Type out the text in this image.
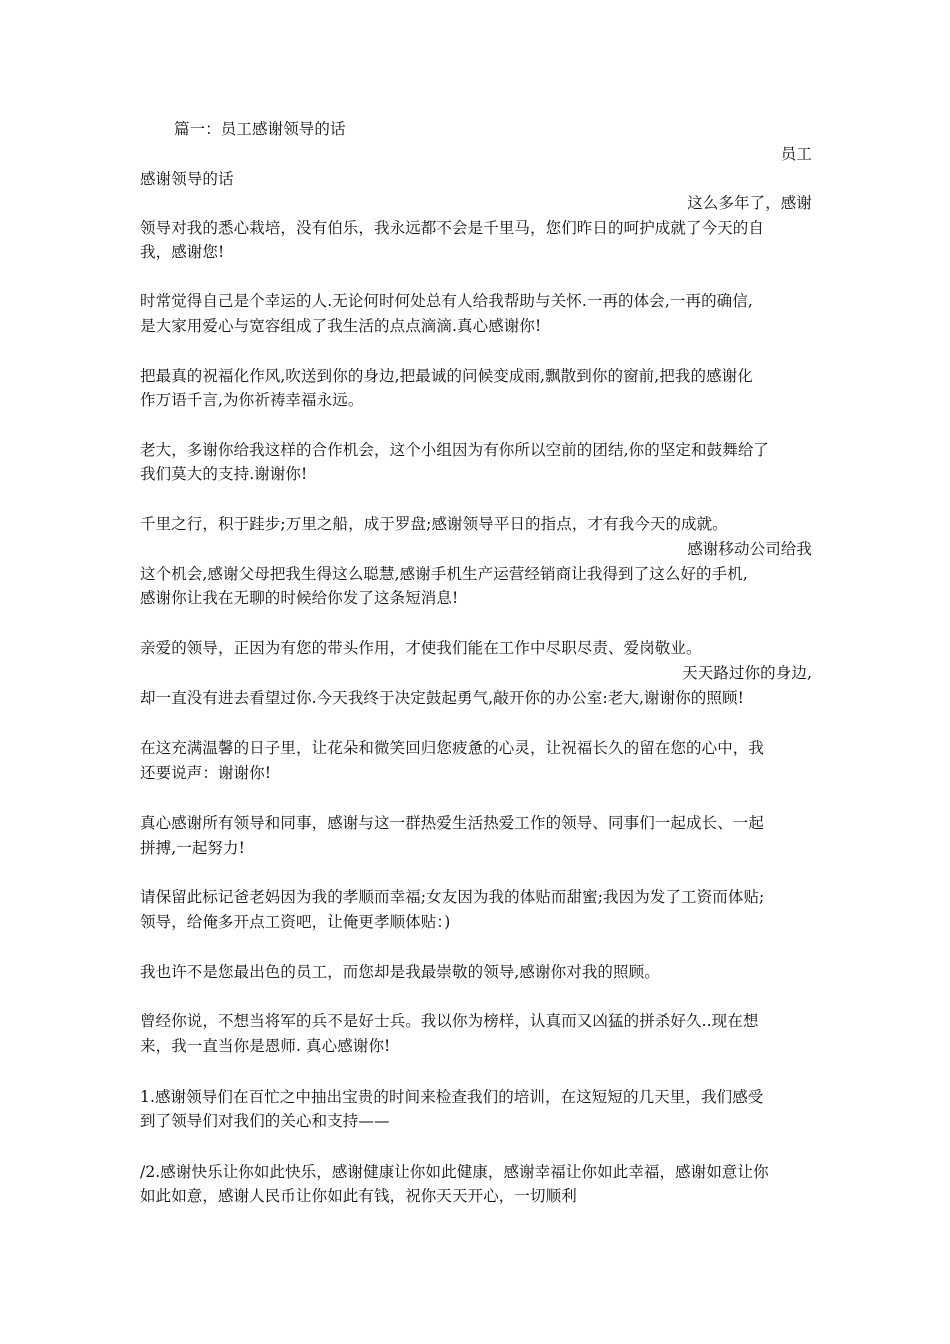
篇一：员工感谢领导的话
员工
感谢领导的话
这么多年了，感谢
领导对我的悉心栽培，没有伯乐，我永远都不会是千里马，您们昨日的呵护成就了今天的自
我，感谢您!
时常觉得自己是个幸运的人.无论何时何处总有人给我帮助与关怀.一再的体会,一再的确信,
是大家用爱心与宽容组成了我生活的点点滴滴.真心感谢你!
把最真的祝福化作风,吹送到你的身边,把最诚的问候变成雨,飘散到你的窗前,把我的感谢化
作万语千言,为你祈祷幸福永远。
老大，多谢你给我这样的合作机会，这个小组因为有你所以空前的团结,你的坚定和鼓舞给了
我们莫大的支持.谢谢你!
千里之行，积于跬步;万里之船，成于罗盘;感谢领导平日的指点，才有我今天的成就。
感谢移动公司给我
这个机会,感谢父母把我生得这么聪慧,感谢手机生产运营经销商让我得到了这么好的手机,
感谢你让我在无聊的时候给你发了这条短消息!
亲爱的领导，正因为有您的带头作用，才使我们能在工作中尽职尽责、爱岗敬业。
天天路过你的身边,
却一直没有进去看望过你.今天我终于决定鼓起勇气,敲开你的办公室:老大,谢谢你的照顾!
在这充满温馨的日子里，让花朵和微笑回归您疲惫的心灵，让祝福长久的留在您的心中，我
还要说声：谢谢你!
真心感谢所有领导和同事，感谢与这一群热爱生活热爱工作的领导、同事们一起成长、一起
拼搏,一起努力!
请保留此标记爸老妈因为我的孝顺而幸福;女友因为我的体贴而甜蜜;我因为发了工资而体贴;
领导，给俺多开点工资吧，让俺更孝顺体贴：)
我也许不是您最出色的员工，而您却是我最崇敬的领导,感谢你对我的照顾。
曾经你说，不想当将军的兵不是好士兵。我以你为榜样，认真而又凶猛的拼杀好久..现在想
来，我一直当你是恩师. 真心感谢你!
1.感谢领导们在百忙之中抽出宝贵的时间来检查我们的培训，在这短短的几天里，我们感受
到了领导们对我们的关心和支持——
/2.感谢快乐让你如此快乐，感谢健康让你如此健康，感谢幸福让你如此幸福，感谢如意让你
如此如意，感谢人民币让你如此有钱，祝你天天开心，一切顺利
